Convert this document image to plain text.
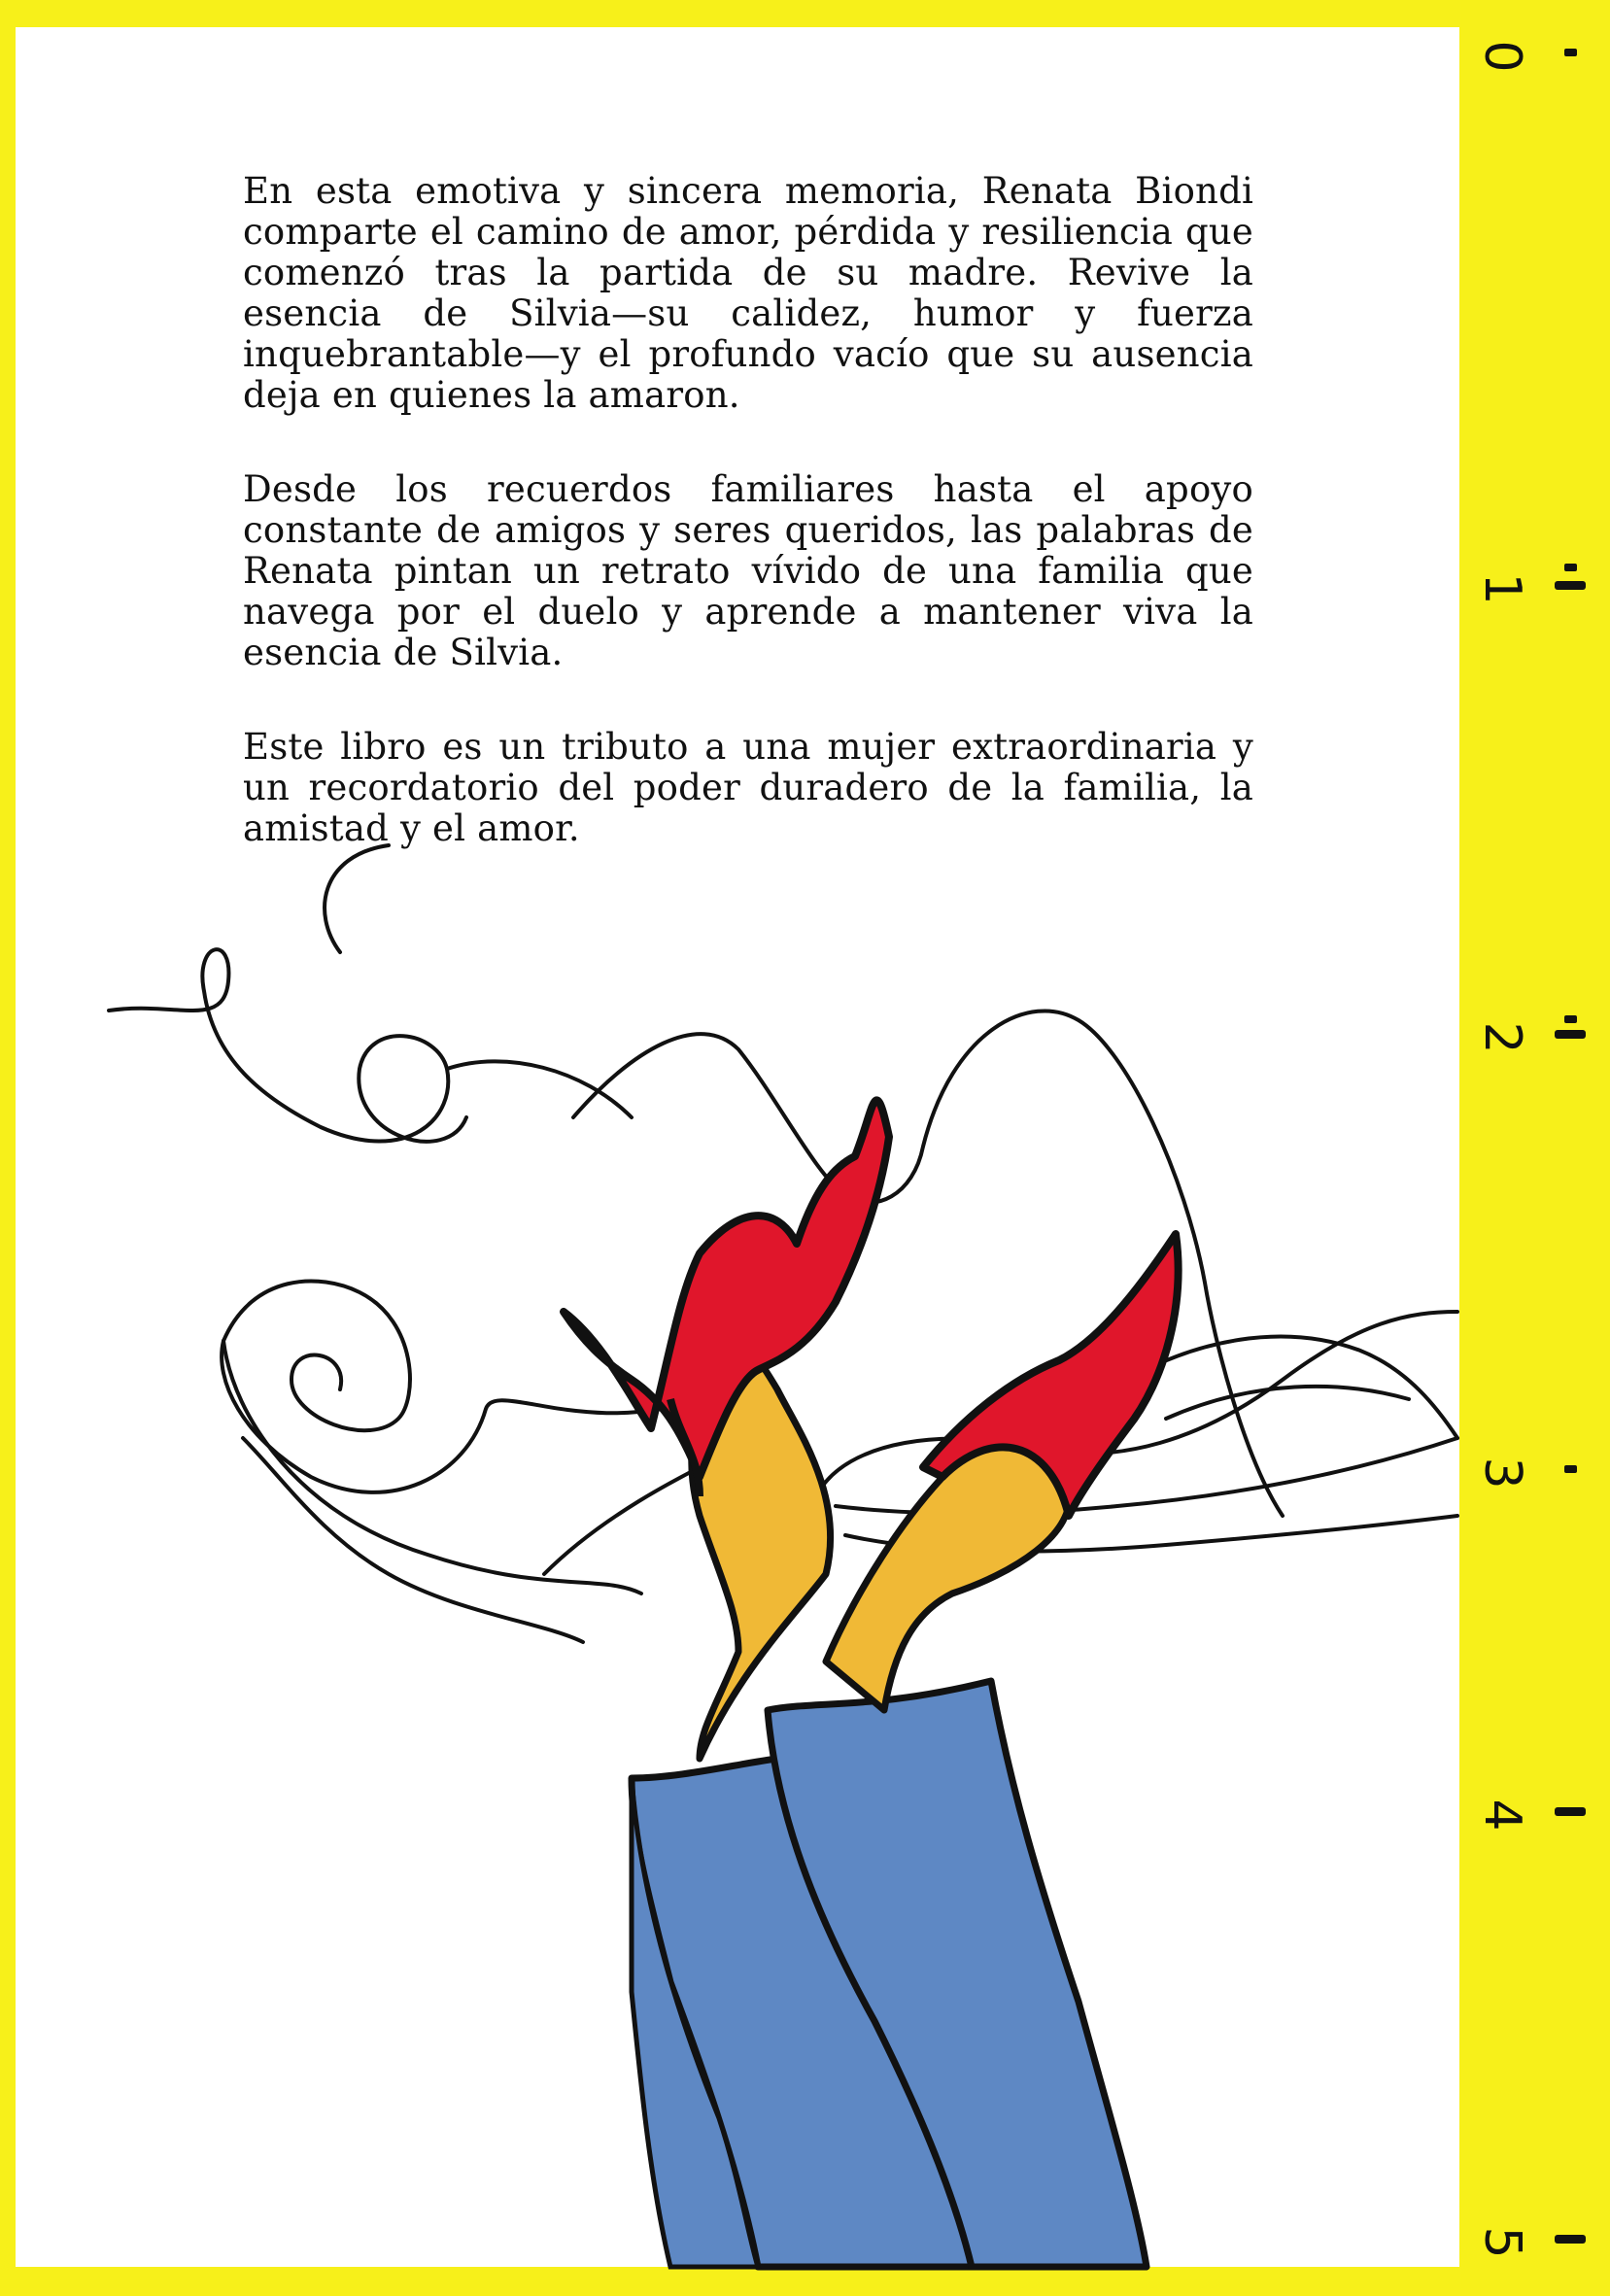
0
1
2
3
4
5

En esta emotiva y sincera memoria, Renata Biondi comparte el camino de amor, pérdida y resiliencia que comenzó tras la partida de su madre. Revive la esencia de Silvia—su calidez, humor y fuerza inquebrantable—y el profundo vacío que su ausencia deja en quienes la amaron.

Desde los recuerdos familiares hasta el apoyo constante de amigos y seres queridos, las palabras de Renata pintan un retrato vívido de una familia que navega por el duelo y aprende a mantener viva la esencia de Silvia.

Este libro es un tributo a una mujer extraordinaria y un recordatorio del poder duradero de la familia, la amistad y el amor.
